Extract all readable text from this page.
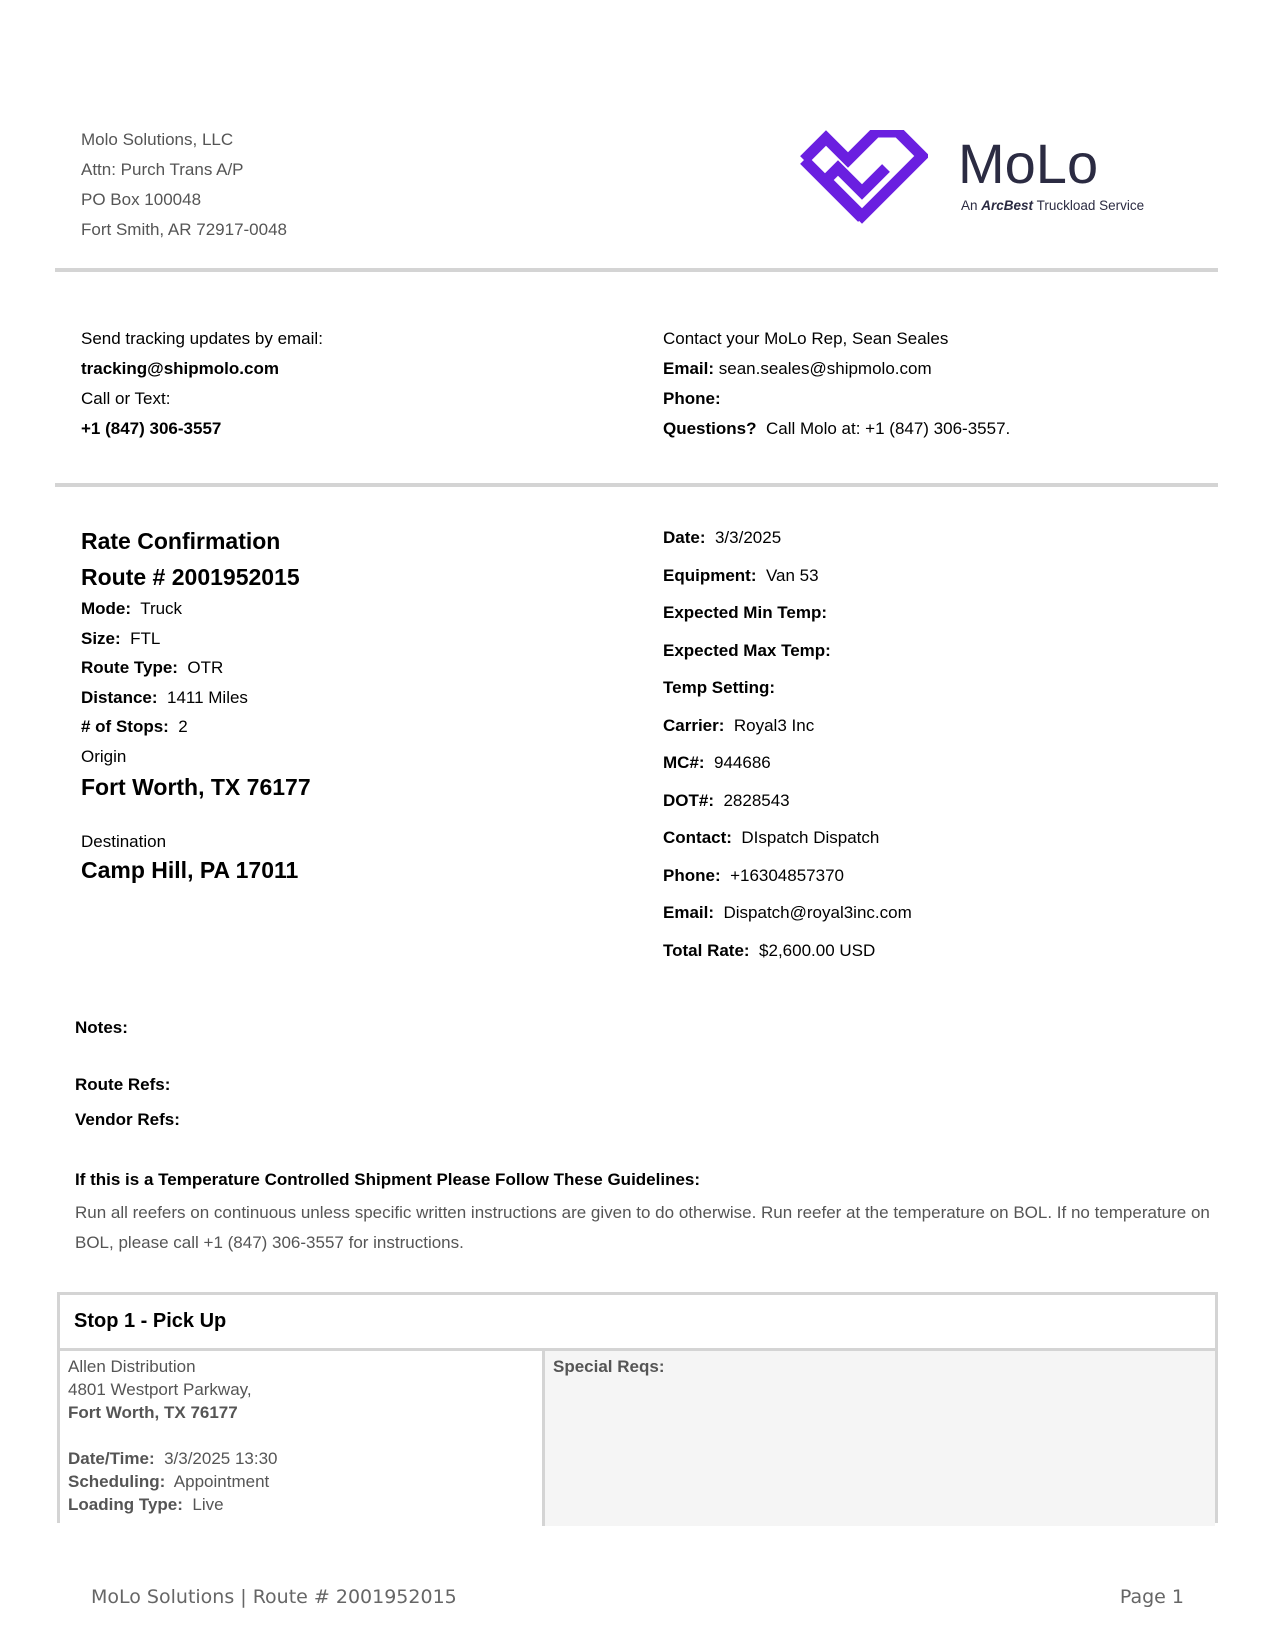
Molo Solutions, LLC
Attn: Purch Trans A/P
PO Box 100048
Fort Smith, AR 72917-0048
MoLo
An ArcBest Truckload Service
Send tracking updates by email:
tracking@shipmolo.com
Call or Text:
+1 (847) 306-3557
Contact your MoLo Rep, Sean Seales
Email: sean.seales@shipmolo.com
Phone:
Questions? Call Molo at: +1 (847) 306-3557.
Rate Confirmation
Route # 2001952015
Mode: Truck
Size: FTL
Route Type: OTR
Distance: 1411 Miles
# of Stops: 2
Origin
Fort Worth, TX 76177
Destination
Camp Hill, PA 17011
Date: 3/3/2025
Equipment: Van 53
Expected Min Temp:
Expected Max Temp:
Temp Setting:
Carrier: Royal3 Inc
MC#: 944686
DOT#: 2828543
Contact: DIspatch Dispatch
Phone: +16304857370
Email: Dispatch@royal3inc.com
Total Rate: $2,600.00 USD
Notes:
Route Refs:
Vendor Refs:
If this is a Temperature Controlled Shipment Please Follow These Guidelines:
Run all reefers on continuous unless specific written instructions are given to do otherwise. Run reefer at the temperature on BOL. If no temperature on BOL, please call +1 (847) 306-3557 for instructions.
Stop 1 - Pick Up
Allen Distribution
4801 Westport Parkway,
Fort Worth, TX 76177
Date/Time: 3/3/2025 13:30
Scheduling: Appointment
Loading Type: Live
Special Reqs:
MoLo Solutions | Route # 2001952015	Page 1
